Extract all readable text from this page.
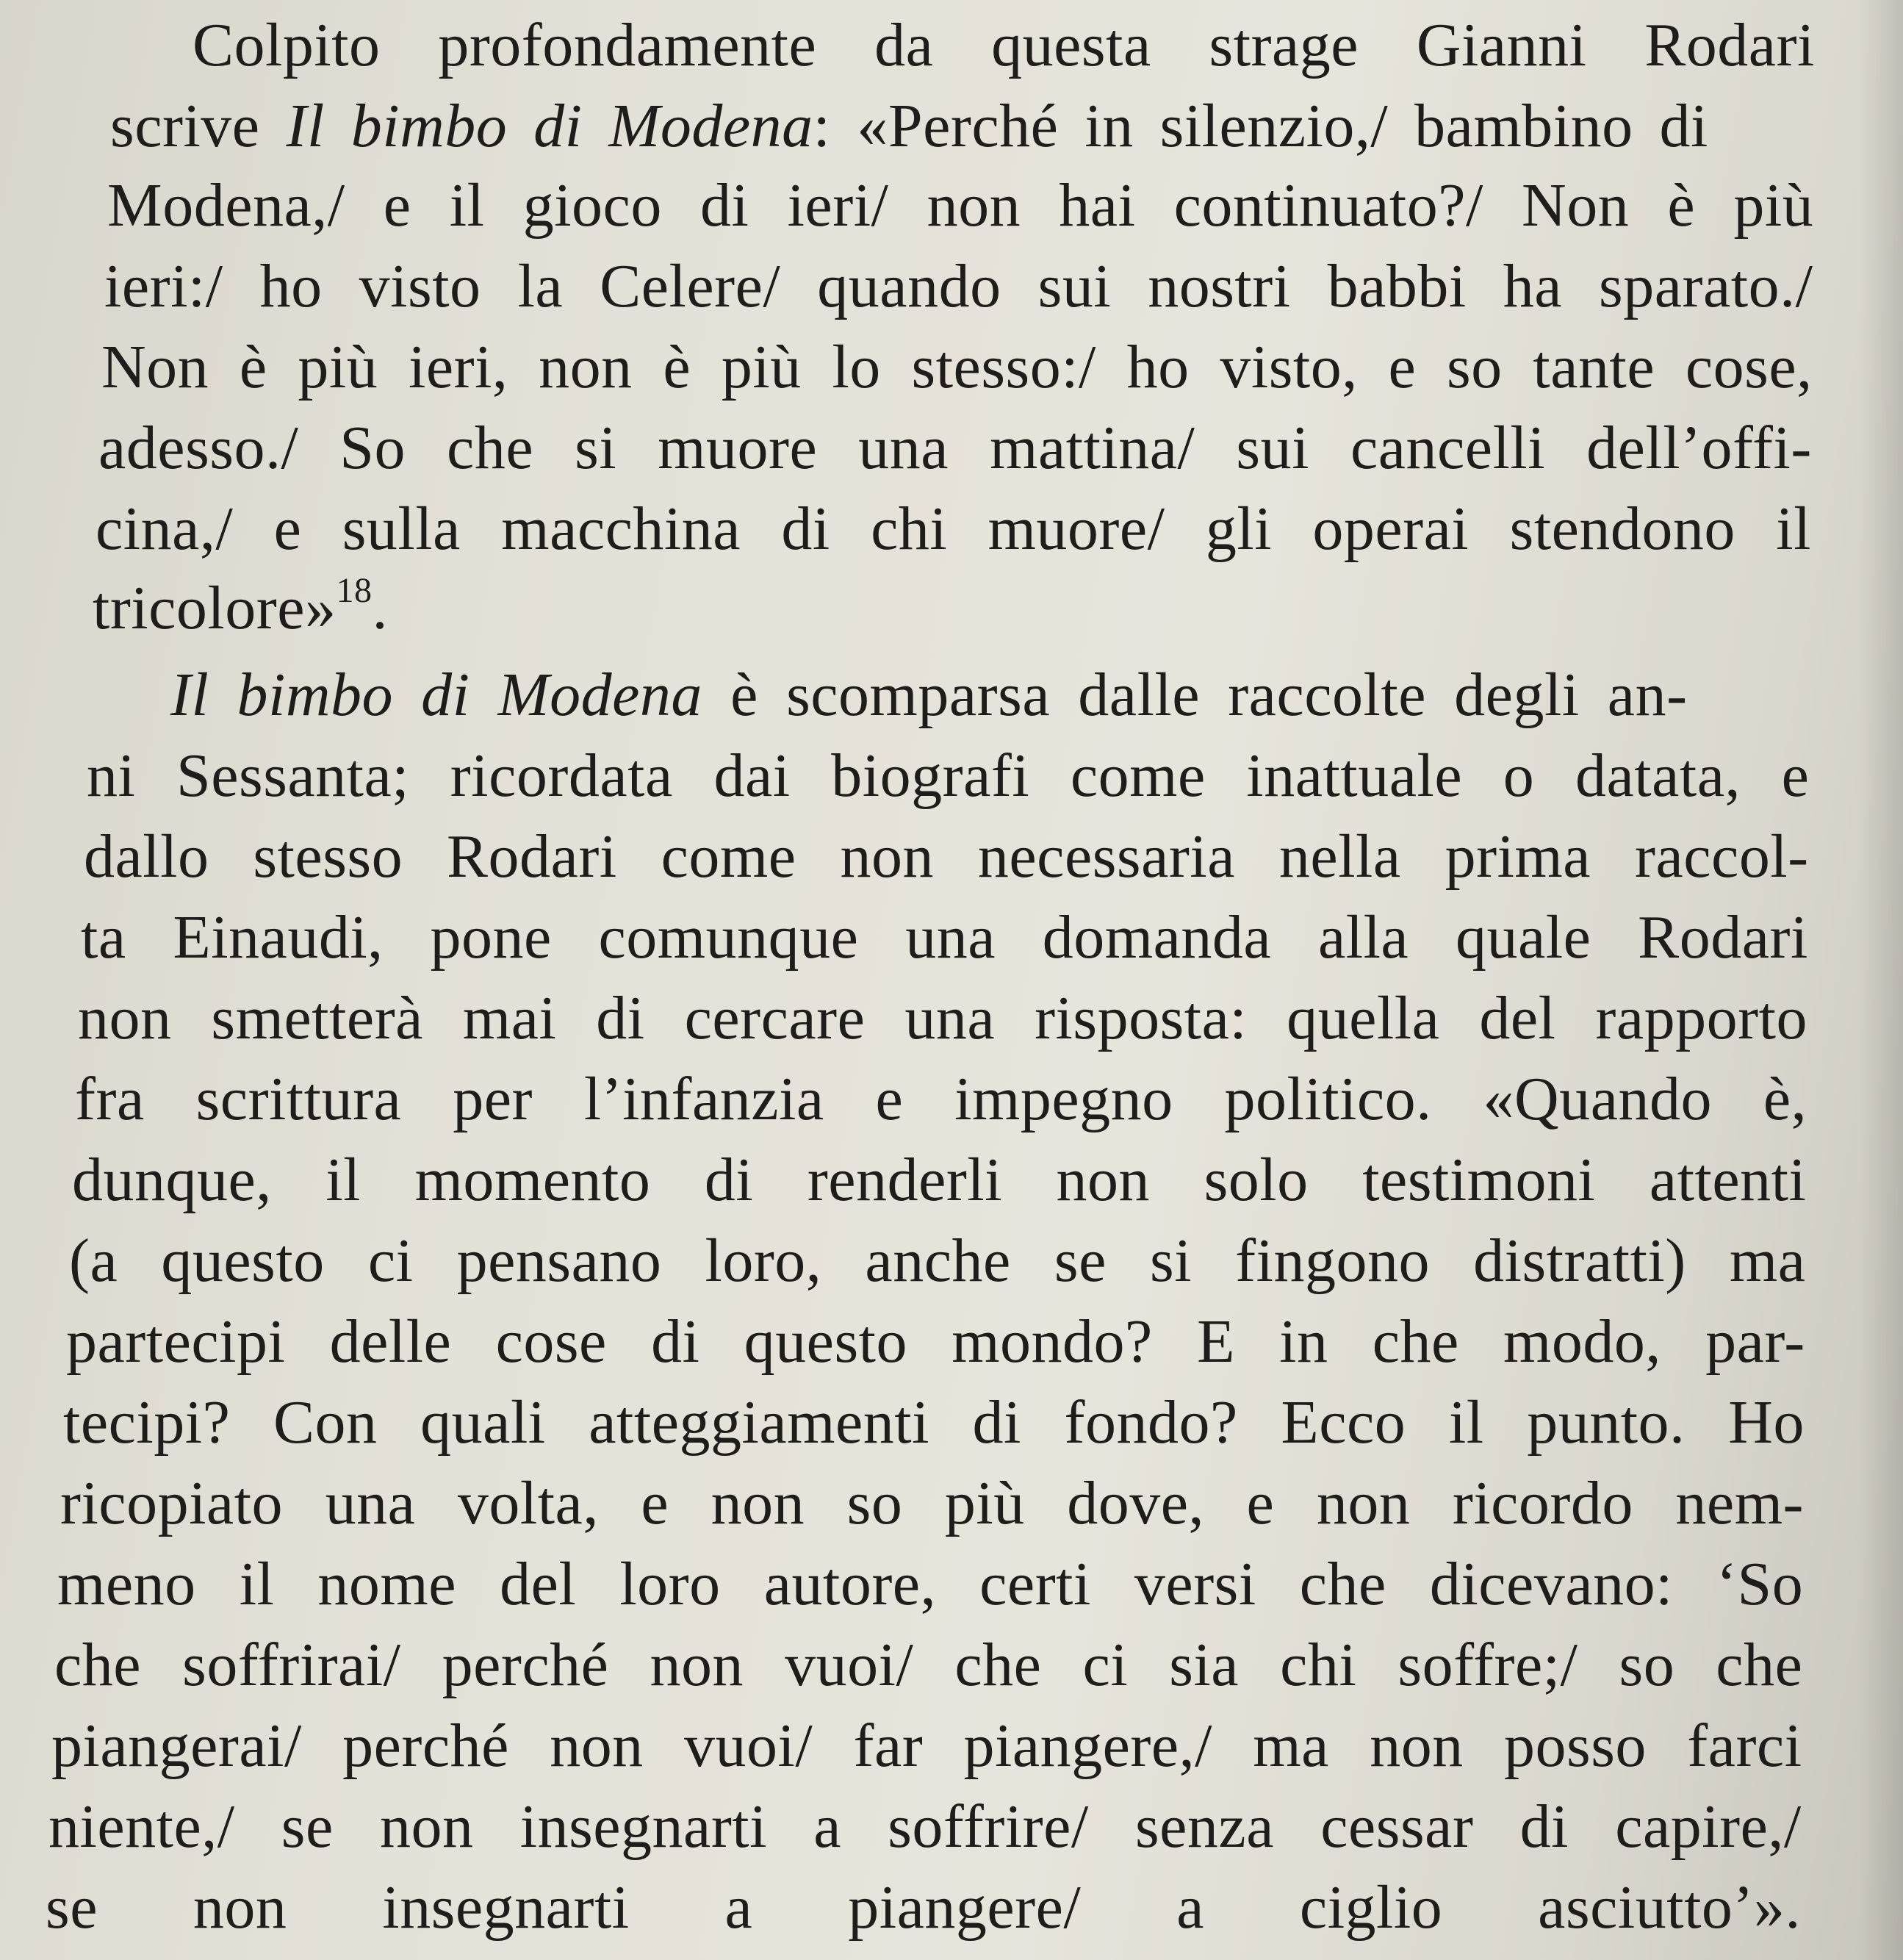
Colpito profondamente da questa strage Gianni Rodari
scrive Il bimbo di Modena: «Perché in silenzio,/ bambino di
Modena,/ e il gioco di ieri/ non hai continuato?/ Non è più
ieri:/ ho visto la Celere/ quando sui nostri babbi ha sparato./
Non è più ieri, non è più lo stesso:/ ho visto, e so tante cose,
adesso./ So che si muore una mattina/ sui cancelli dell’offi-
cina,/ e sulla macchina di chi muore/ gli operai stendono il
tricolore»$^{18}$.
Il bimbo di Modena è scomparsa dalle raccolte degli an-
ni Sessanta; ricordata dai biografi come inattuale o datata, e
dallo stesso Rodari come non necessaria nella prima raccol-
ta Einaudi, pone comunque una domanda alla quale Rodari
non smetterà mai di cercare una risposta: quella del rapporto
fra scrittura per l’infanzia e impegno politico. «Quando è,
dunque, il momento di renderli non solo testimoni attenti
(a questo ci pensano loro, anche se si fingono distratti) ma
partecipi delle cose di questo mondo? E in che modo, par-
tecipi? Con quali atteggiamenti di fondo? Ecco il punto. Ho
ricopiato una volta, e non so più dove, e non ricordo nem-
meno il nome del loro autore, certi versi che dicevano: ‘So
che soffrirai/ perché non vuoi/ che ci sia chi soffre;/ so che
piangerai/ perché non vuoi/ far piangere,/ ma non posso farci
niente,/ se non insegnarti a soffrire/ senza cessar di capire,/
se non insegnarti a piangere/ a ciglio asciutto’».
